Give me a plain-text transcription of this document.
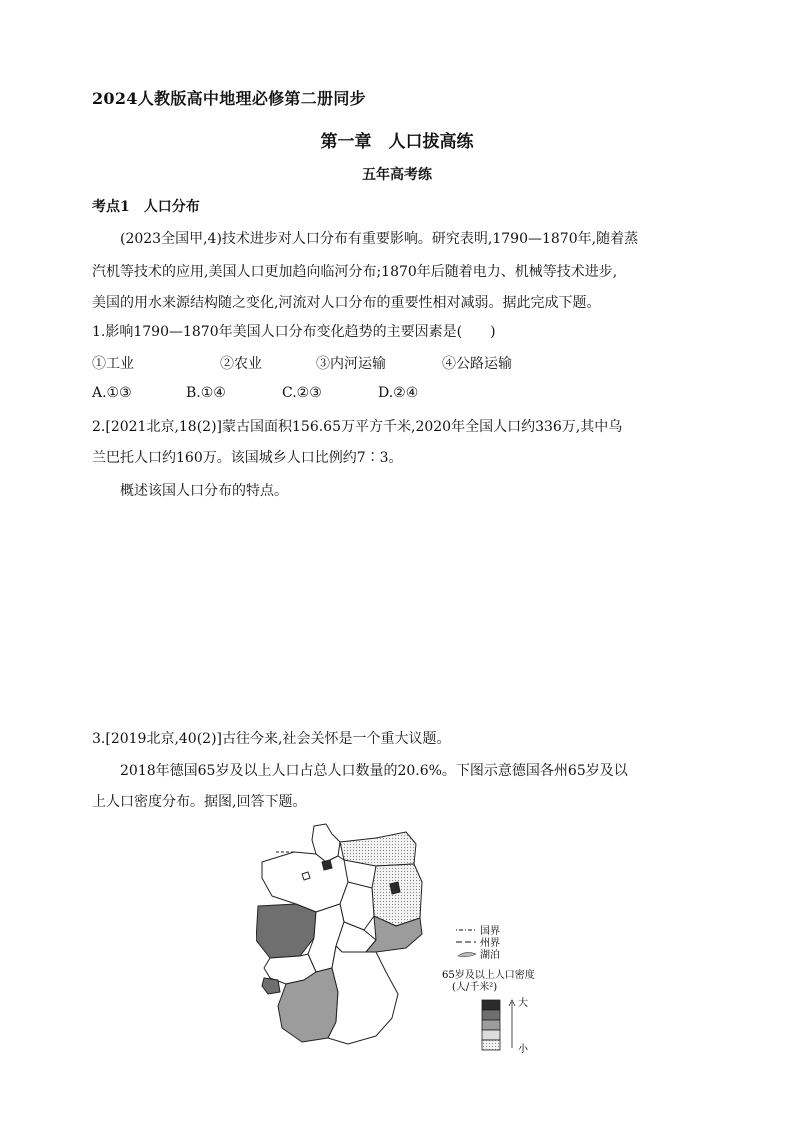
2024人教版高中地理必修第二册同步
第一章　人口拔高练
五年高考练
考点1　人口分布
(2023全国甲,4)技术进步对人口分布有重要影响。研究表明,1790—1870年,随着蒸
汽机等技术的应用,美国人口更加趋向临河分布;1870年后随着电力、机械等技术进步,
美国的用水来源结构随之变化,河流对人口分布的重要性相对减弱。据此完成下题。
1.影响1790—1870年美国人口分布变化趋势的主要因素是(　　)
①工业	②农业	③内河运输	④公路运输
A.①③	B.①④	C.②③	D.②④
2.[2021北京,18(2)]蒙古国面积156.65万平方千米,2020年全国人口约336万,其中乌
兰巴托人口约160万。该国城乡人口比例约7∶3。
概述该国人口分布的特点。
3.[2019北京,40(2)]古往今来,社会关怀是一个重大议题。
2018年德国65岁及以上人口占总人口数量的20.6%。下图示意德国各州65岁及以
上人口密度分布。据图,回答下题。
国界
州界
湖泊
65岁及以上人口密度
(人/千米²)
大
小
